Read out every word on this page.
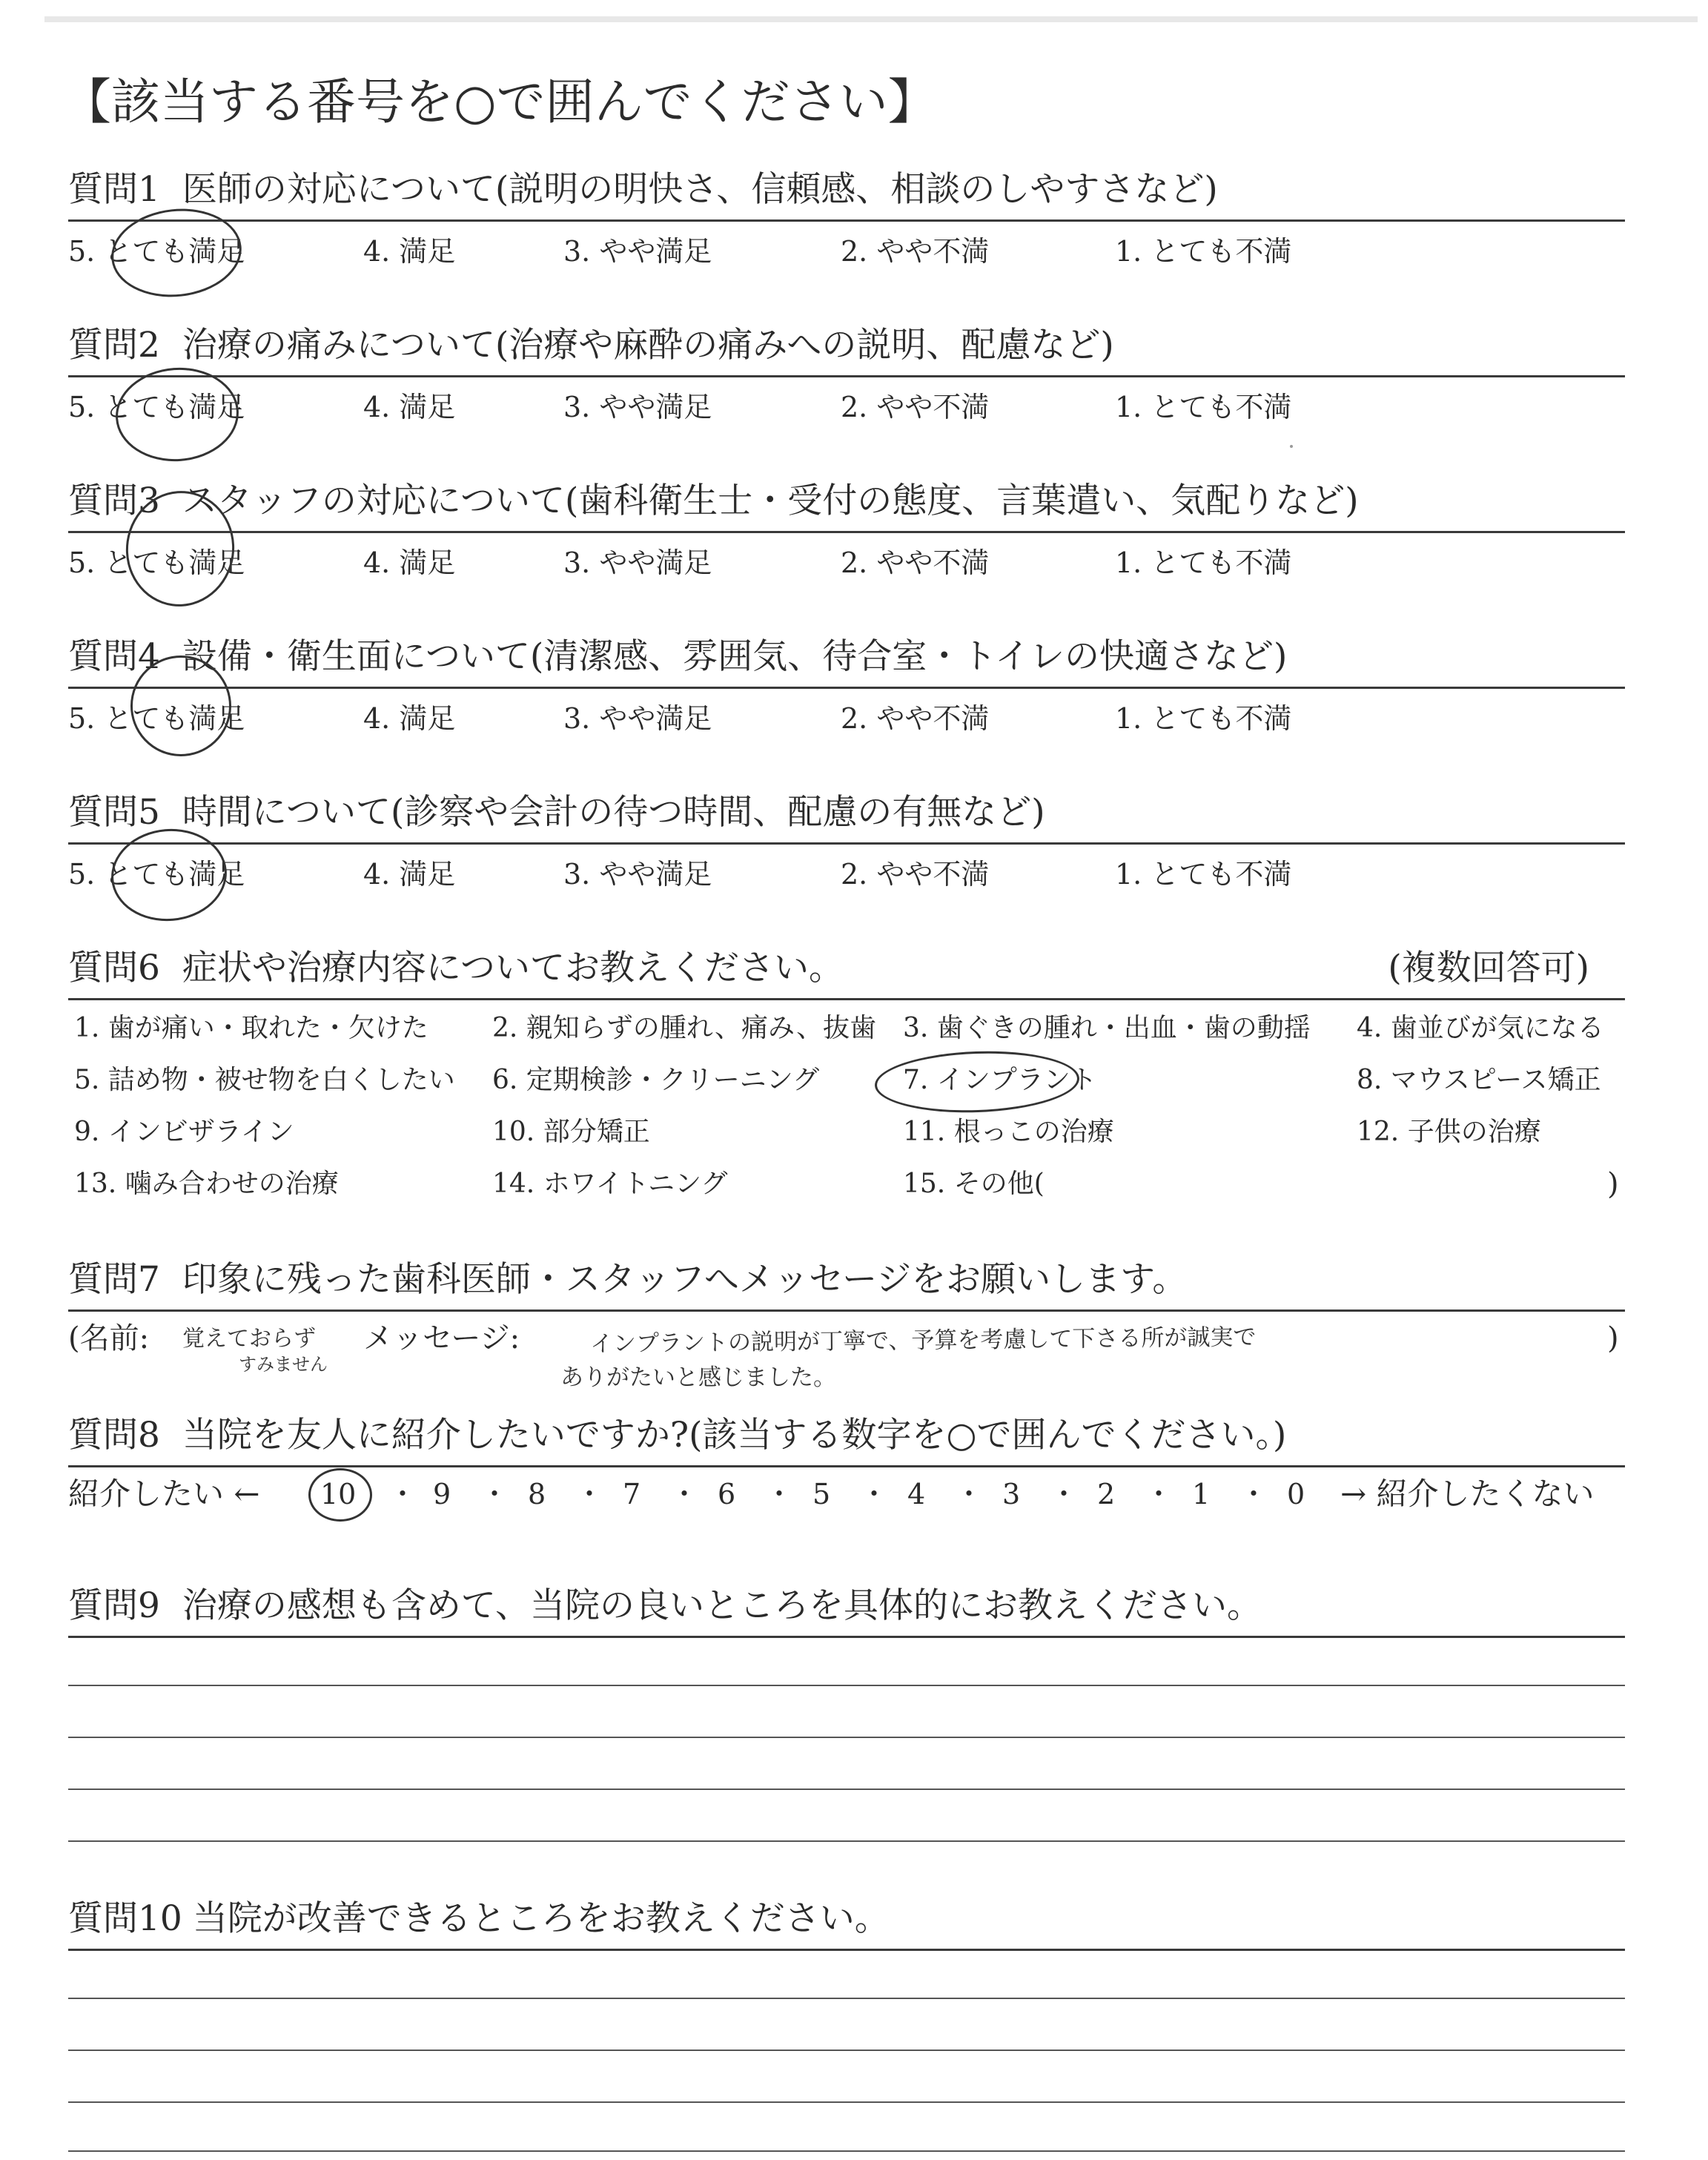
【該当する番号を○で囲んでください】
質問1 医師の対応について(説明の明快さ、信頼感、相談のしやすさなど)
5. とても満足	4. 満足	3. やや満足	2. やや不満	1. とても不満
質問2 治療の痛みについて(治療や麻酔の痛みへの説明、配慮など)
5. とても満足	4. 満足	3. やや満足	2. やや不満	1. とても不満
質問3 スタッフの対応について(歯科衛生士・受付の態度、言葉遣い、気配りなど)
5. とても満足	4. 満足	3. やや満足	2. やや不満	1. とても不満
質問4 設備・衛生面について(清潔感、雰囲気、待合室・トイレの快適さなど)
5. とても満足	4. 満足	3. やや満足	2. やや不満	1. とても不満
質問5 時間について(診察や会計の待つ時間、配慮の有無など)
5. とても満足	4. 満足	3. やや満足	2. やや不満	1. とても不満
質問6 症状や治療内容についてお教えください。	(複数回答可)
1. 歯が痛い・取れた・欠けた 2. 親知らずの腫れ、痛み、抜歯 3. 歯ぐきの腫れ・出血・歯の動揺 4. 歯並びが気になる
5. 詰め物・被せ物を白くしたい 6. 定期検診・クリーニング	7. インプラント	8. マウスピース矯正
9. インビザライン	10. 部分矯正	11. 根っこの治療	12. 子供の治療
13. 噛み合わせの治療	14. ホワイトニング	15. その他(	)
質問7 印象に残った歯科医師・スタッフへメッセージをお願いします。
(名前: 覚えておらず
すみません
メッセージ:	インプラントの説明が丁寧で、予算を考慮して下さる所が誠実で
ありがたいと感じました。
)
質問8 当院を友人に紹介したいですか?(該当する数字を○で囲んでください。)
紹介したい ← 10 ・ 9 ・ 8 ・ 7 ・ 6 ・ 5 ・ 4 ・ 3 ・ 2 ・ 1 ・ 0 → 紹介したくない
質問9 治療の感想も含めて、当院の良いところを具体的にお教えください。
質問10 当院が改善できるところをお教えください。
